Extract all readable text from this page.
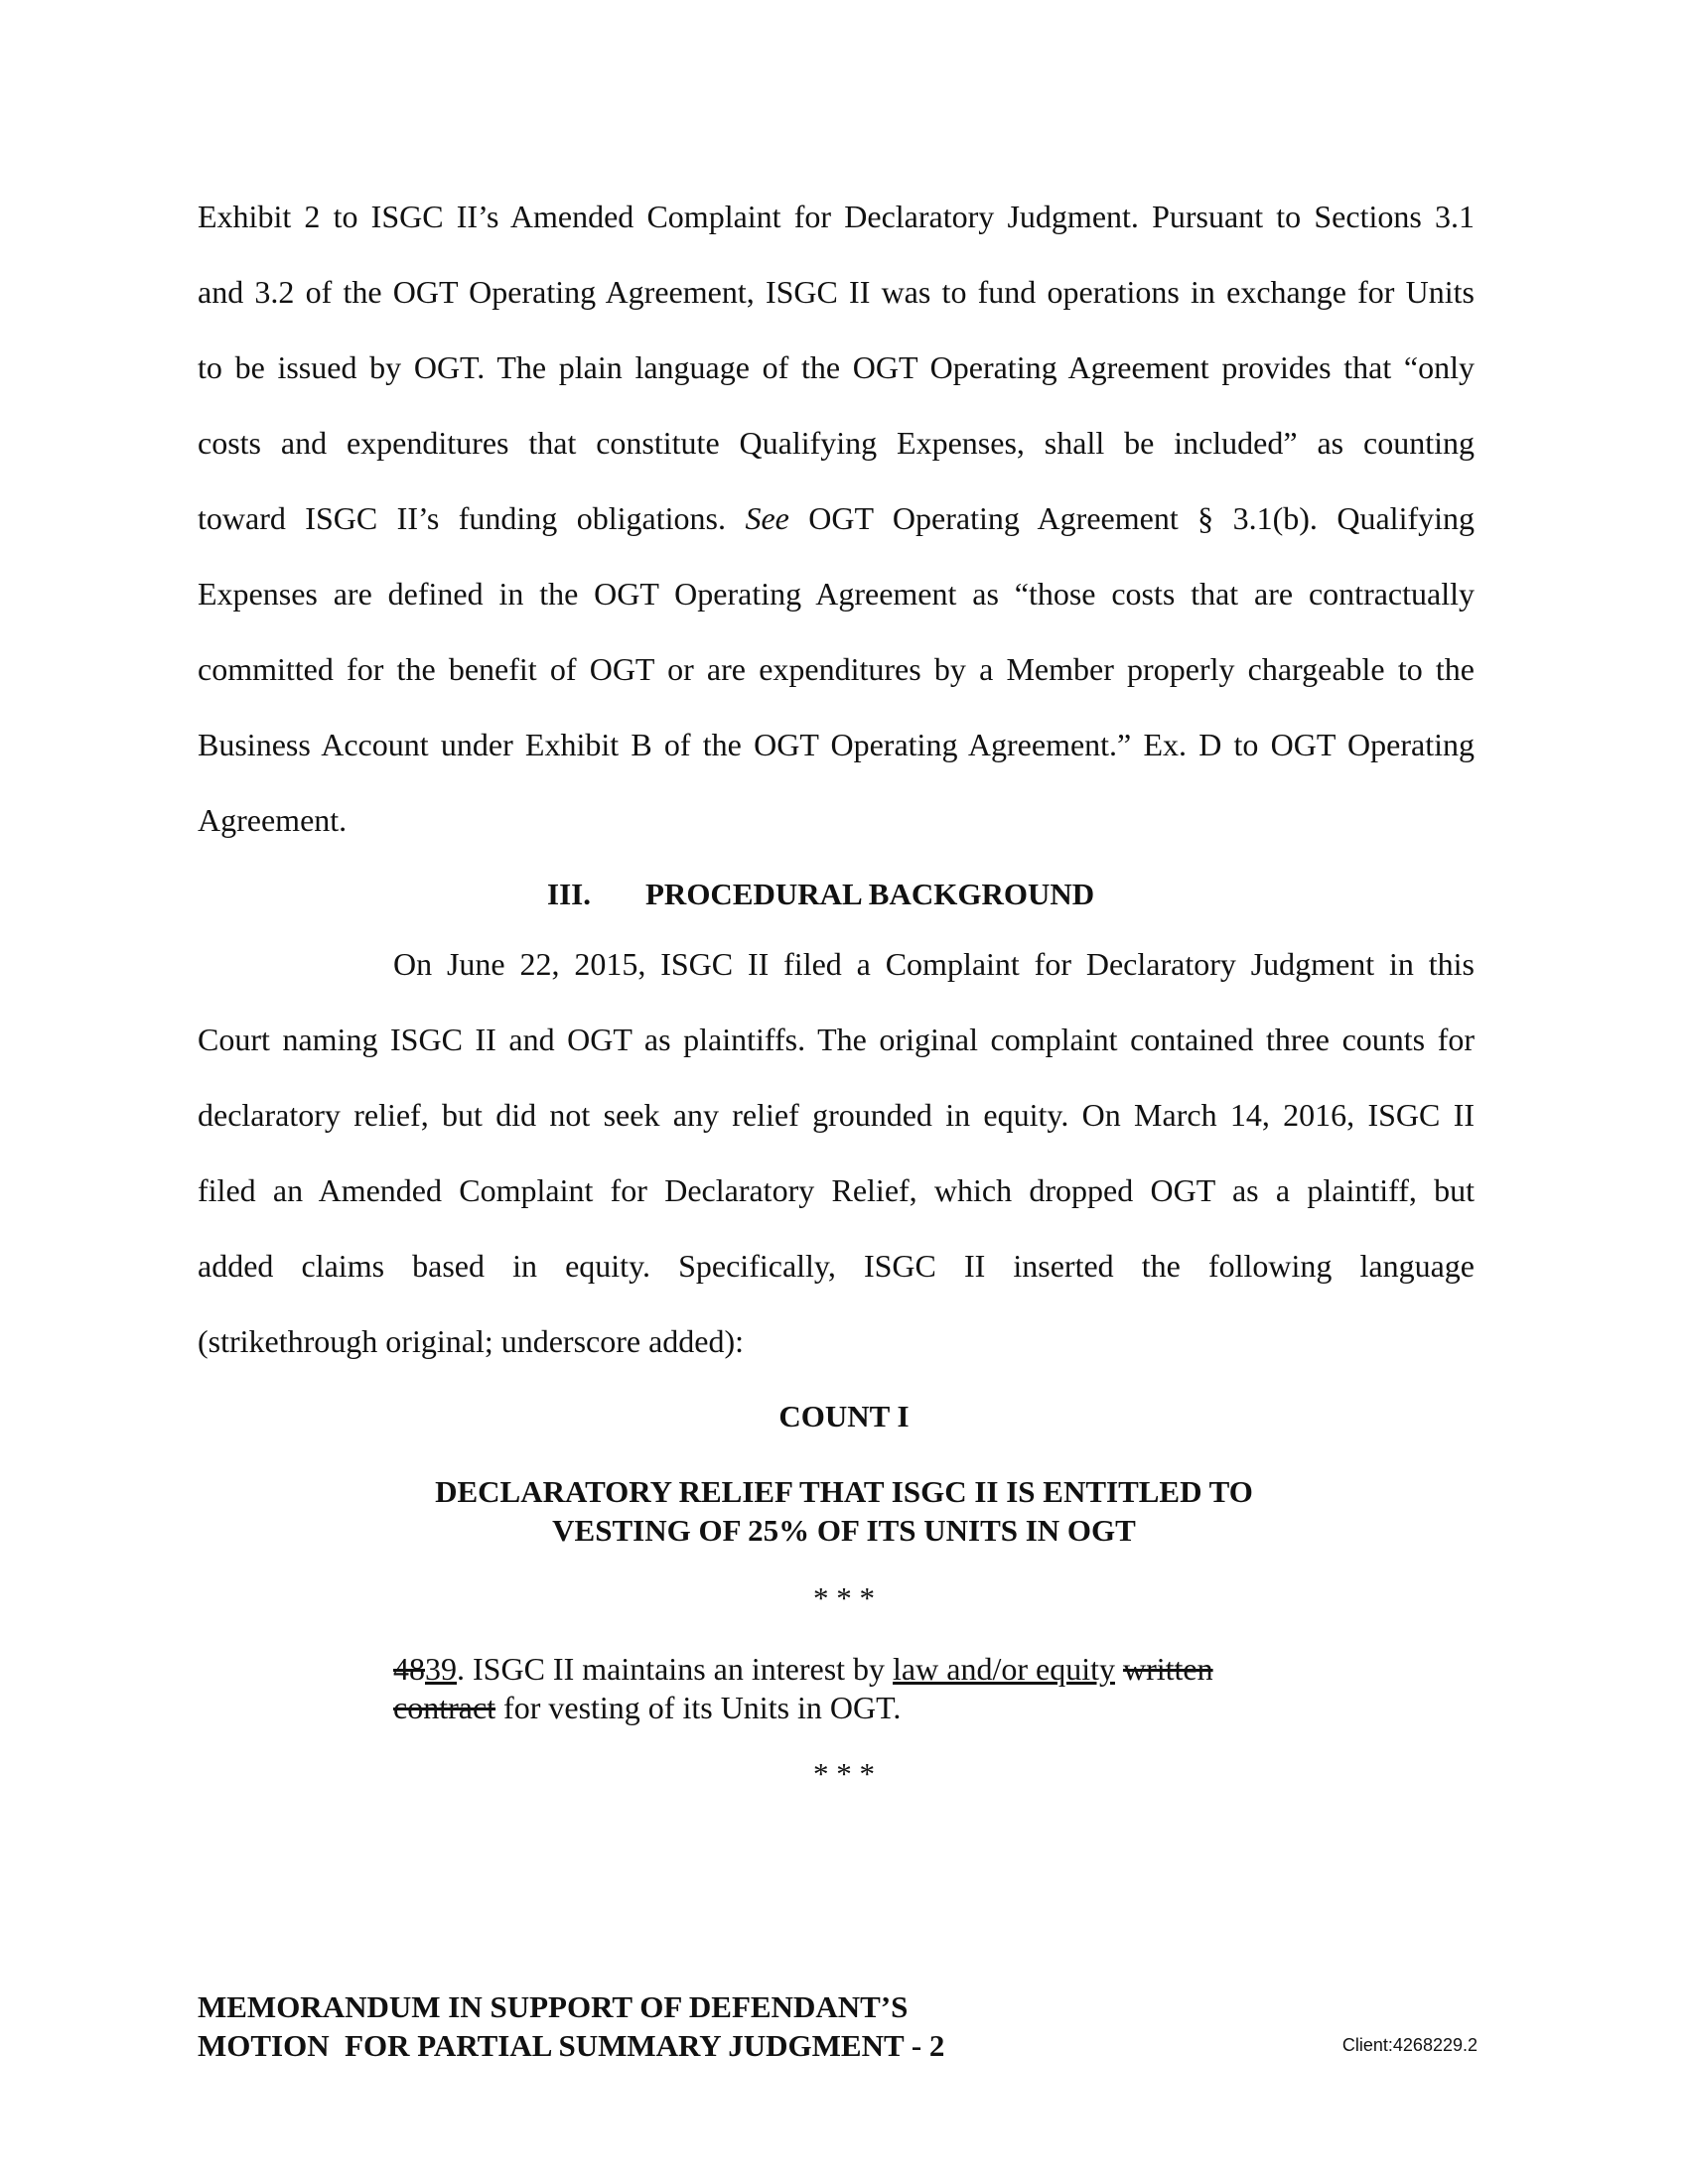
Exhibit 2 to ISGC II’s Amended Complaint for Declaratory Judgment. Pursuant to Sections 3.1
and 3.2 of the OGT Operating Agreement, ISGC II was to fund operations in exchange for Units
to be issued by OGT. The plain language of the OGT Operating Agreement provides that “only
costs and expenditures that constitute Qualifying Expenses, shall be included” as counting
toward ISGC II’s funding obligations. See OGT Operating Agreement § 3.1(b). Qualifying
Expenses are defined in the OGT Operating Agreement as “those costs that are contractually
committed for the benefit of OGT or are expenditures by a Member properly chargeable to the
Business Account under Exhibit B of the OGT Operating Agreement.” Ex. D to OGT Operating
Agreement.
III. PROCEDURAL BACKGROUND
On June 22, 2015, ISGC II filed a Complaint for Declaratory Judgment in this
Court naming ISGC II and OGT as plaintiffs. The original complaint contained three counts for
declaratory relief, but did not seek any relief grounded in equity. On March 14, 2016, ISGC II
filed an Amended Complaint for Declaratory Relief, which dropped OGT as a plaintiff, but
added claims based in equity. Specifically, ISGC II inserted the following language
(strikethrough original; underscore added):
COUNT I
DECLARATORY RELIEF THAT ISGC II IS ENTITLED TO
VESTING OF 25% OF ITS UNITS IN OGT
* * *
4839. ISGC II maintains an interest by law and/or equity written contract for vesting of its Units in OGT.
* * *
MEMORANDUM IN SUPPORT OF DEFENDANT’S
MOTION  FOR PARTIAL SUMMARY JUDGMENT - 2	Client:4268229.2
